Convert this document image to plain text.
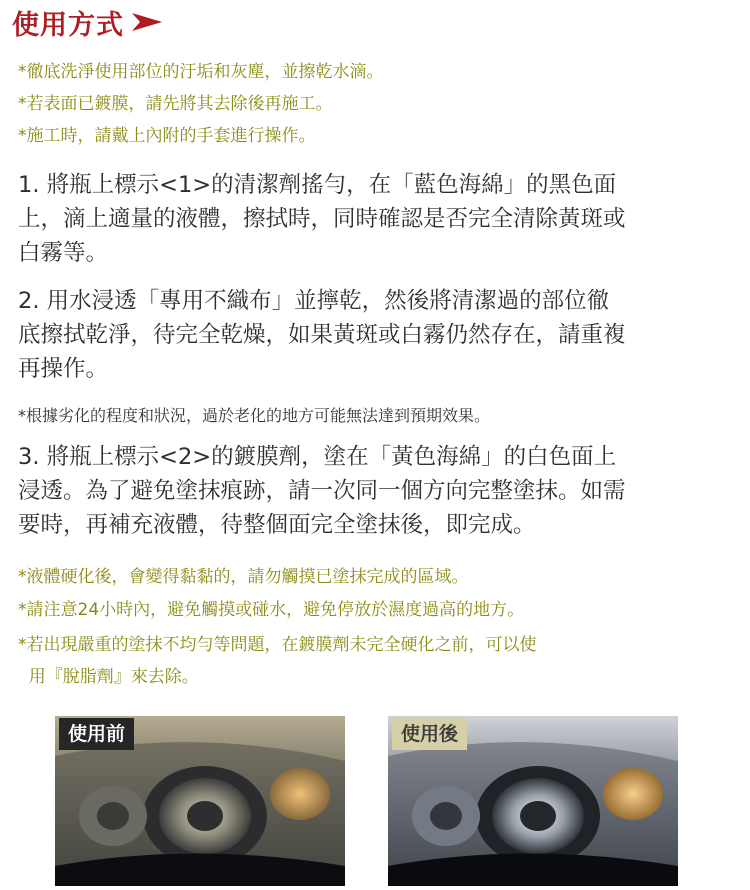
使用方式
*徹底洗淨使用部位的汙垢和灰塵，並擦乾水滴。
*若表面已鍍膜，請先將其去除後再施工。
*施工時，請戴上內附的手套進行操作。
1. 將瓶上標示<1>的清潔劑搖勻，在「藍色海綿」的黑色面
上，滴上適量的液體，擦拭時，同時確認是否完全清除黃斑或
白霧等。
2. 用水浸透「專用不織布」並擰乾，然後將清潔過的部位徹
底擦拭乾淨，待完全乾燥，如果黃斑或白霧仍然存在，請重複
再操作。
*根據劣化的程度和狀況，過於老化的地方可能無法達到預期效果。
3. 將瓶上標示<2>的鍍膜劑，塗在「黃色海綿」的白色面上
浸透。為了避免塗抹痕跡，請一次同一個方向完整塗抹。如需
要時，再補充液體，待整個面完全塗抹後，即完成。
*液體硬化後，會變得黏黏的，請勿觸摸已塗抹完成的區域。
*請注意24小時內，避免觸摸或碰水，避免停放於濕度過高的地方。
*若出現嚴重的塗抹不均勻等問題，在鍍膜劑未完全硬化之前，可以使
用『脫脂劑』來去除。
使用前	使用後
